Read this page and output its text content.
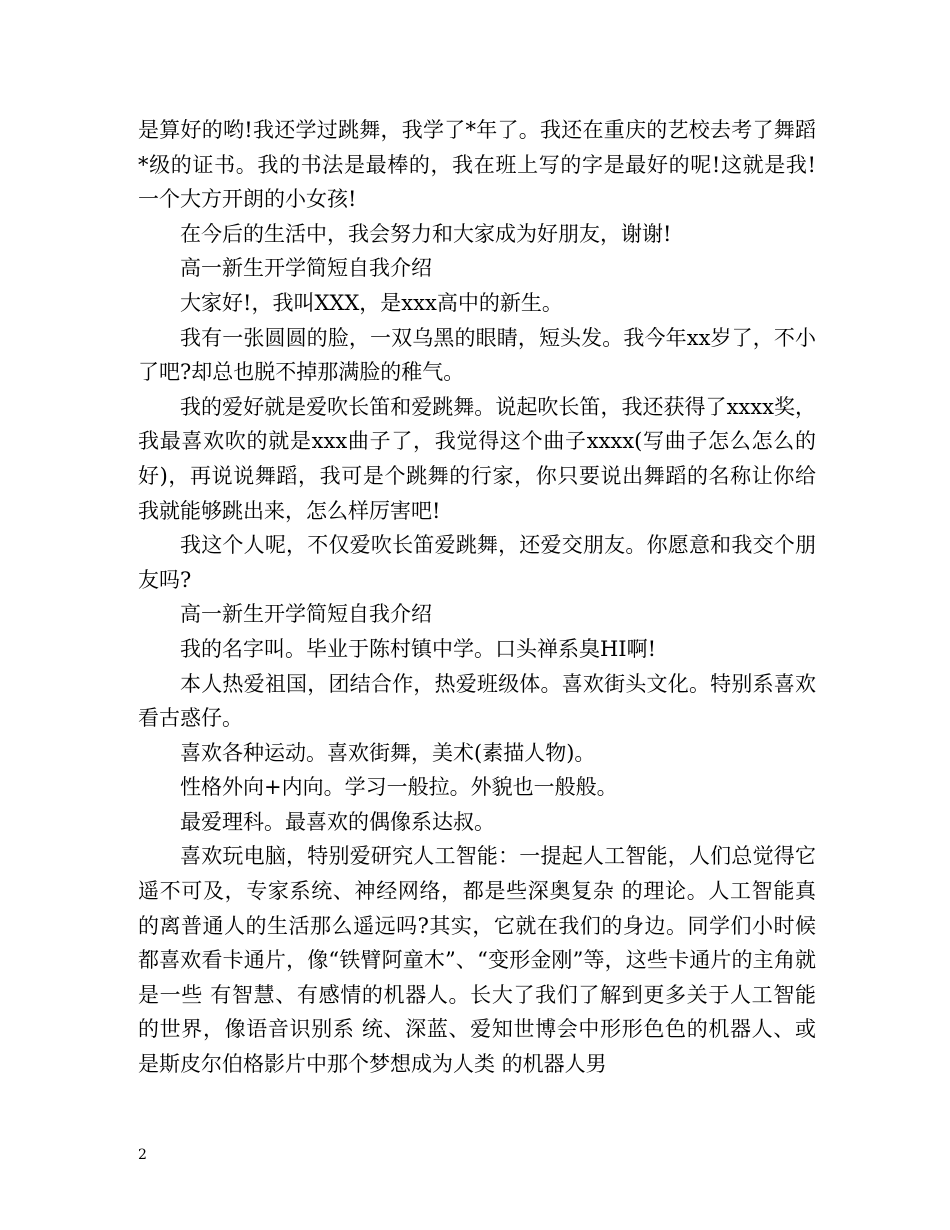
是算好的哟!我还学过跳舞，我学了*年了。我还在重庆的艺校去考了舞蹈*级的证书。我的书法是最棒的，我在班上写的字是最好的呢!这就是我!一个大方开朗的小女孩!

在今后的生活中，我会努力和大家成为好朋友，谢谢!

高一新生开学简短自我介绍

大家好!，我叫XXX，是xxx高中的新生。

我有一张圆圆的脸，一双乌黑的眼睛，短头发。我今年xx岁了，不小了吧?却总也脱不掉那满脸的稚气。

我的爱好就是爱吹长笛和爱跳舞。说起吹长笛，我还获得了xxxx奖，我最喜欢吹的就是xxx曲子了，我觉得这个曲子xxxx(写曲子怎么怎么的好)，再说说舞蹈，我可是个跳舞的行家，你只要说出舞蹈的名称让你给我就能够跳出来，怎么样厉害吧!

我这个人呢，不仅爱吹长笛爱跳舞，还爱交朋友。你愿意和我交个朋友吗?

高一新生开学简短自我介绍

我的名字叫。毕业于陈村镇中学。口头禅系臭HI啊!

本人热爱祖国，团结合作，热爱班级体。喜欢街头文化。特别系喜欢看古惑仔。

喜欢各种运动。喜欢街舞，美术(素描人物)。

性格外向+内向。学习一般拉。外貌也一般般。

最爱理科。最喜欢的偶像系达叔。

喜欢玩电脑，特别爱研究人工智能：一提起人工智能，人们总觉得它遥不可及，专家系统、神经网络，都是些深奥复杂 的理论。人工智能真的离普通人的生活那么遥远吗?其实，它就在我们的身边。同学们小时候都喜欢看卡通片，像“铁臂阿童木”、“变形金刚”等，这些卡通片的主角就是一些 有智慧、有感情的机器人。长大了我们了解到更多关于人工智能的世界，像语音识别系 统、深蓝、爱知世博会中形形色色的机器人、或是斯皮尔伯格影片中那个梦想成为人类 的机器人男

2
